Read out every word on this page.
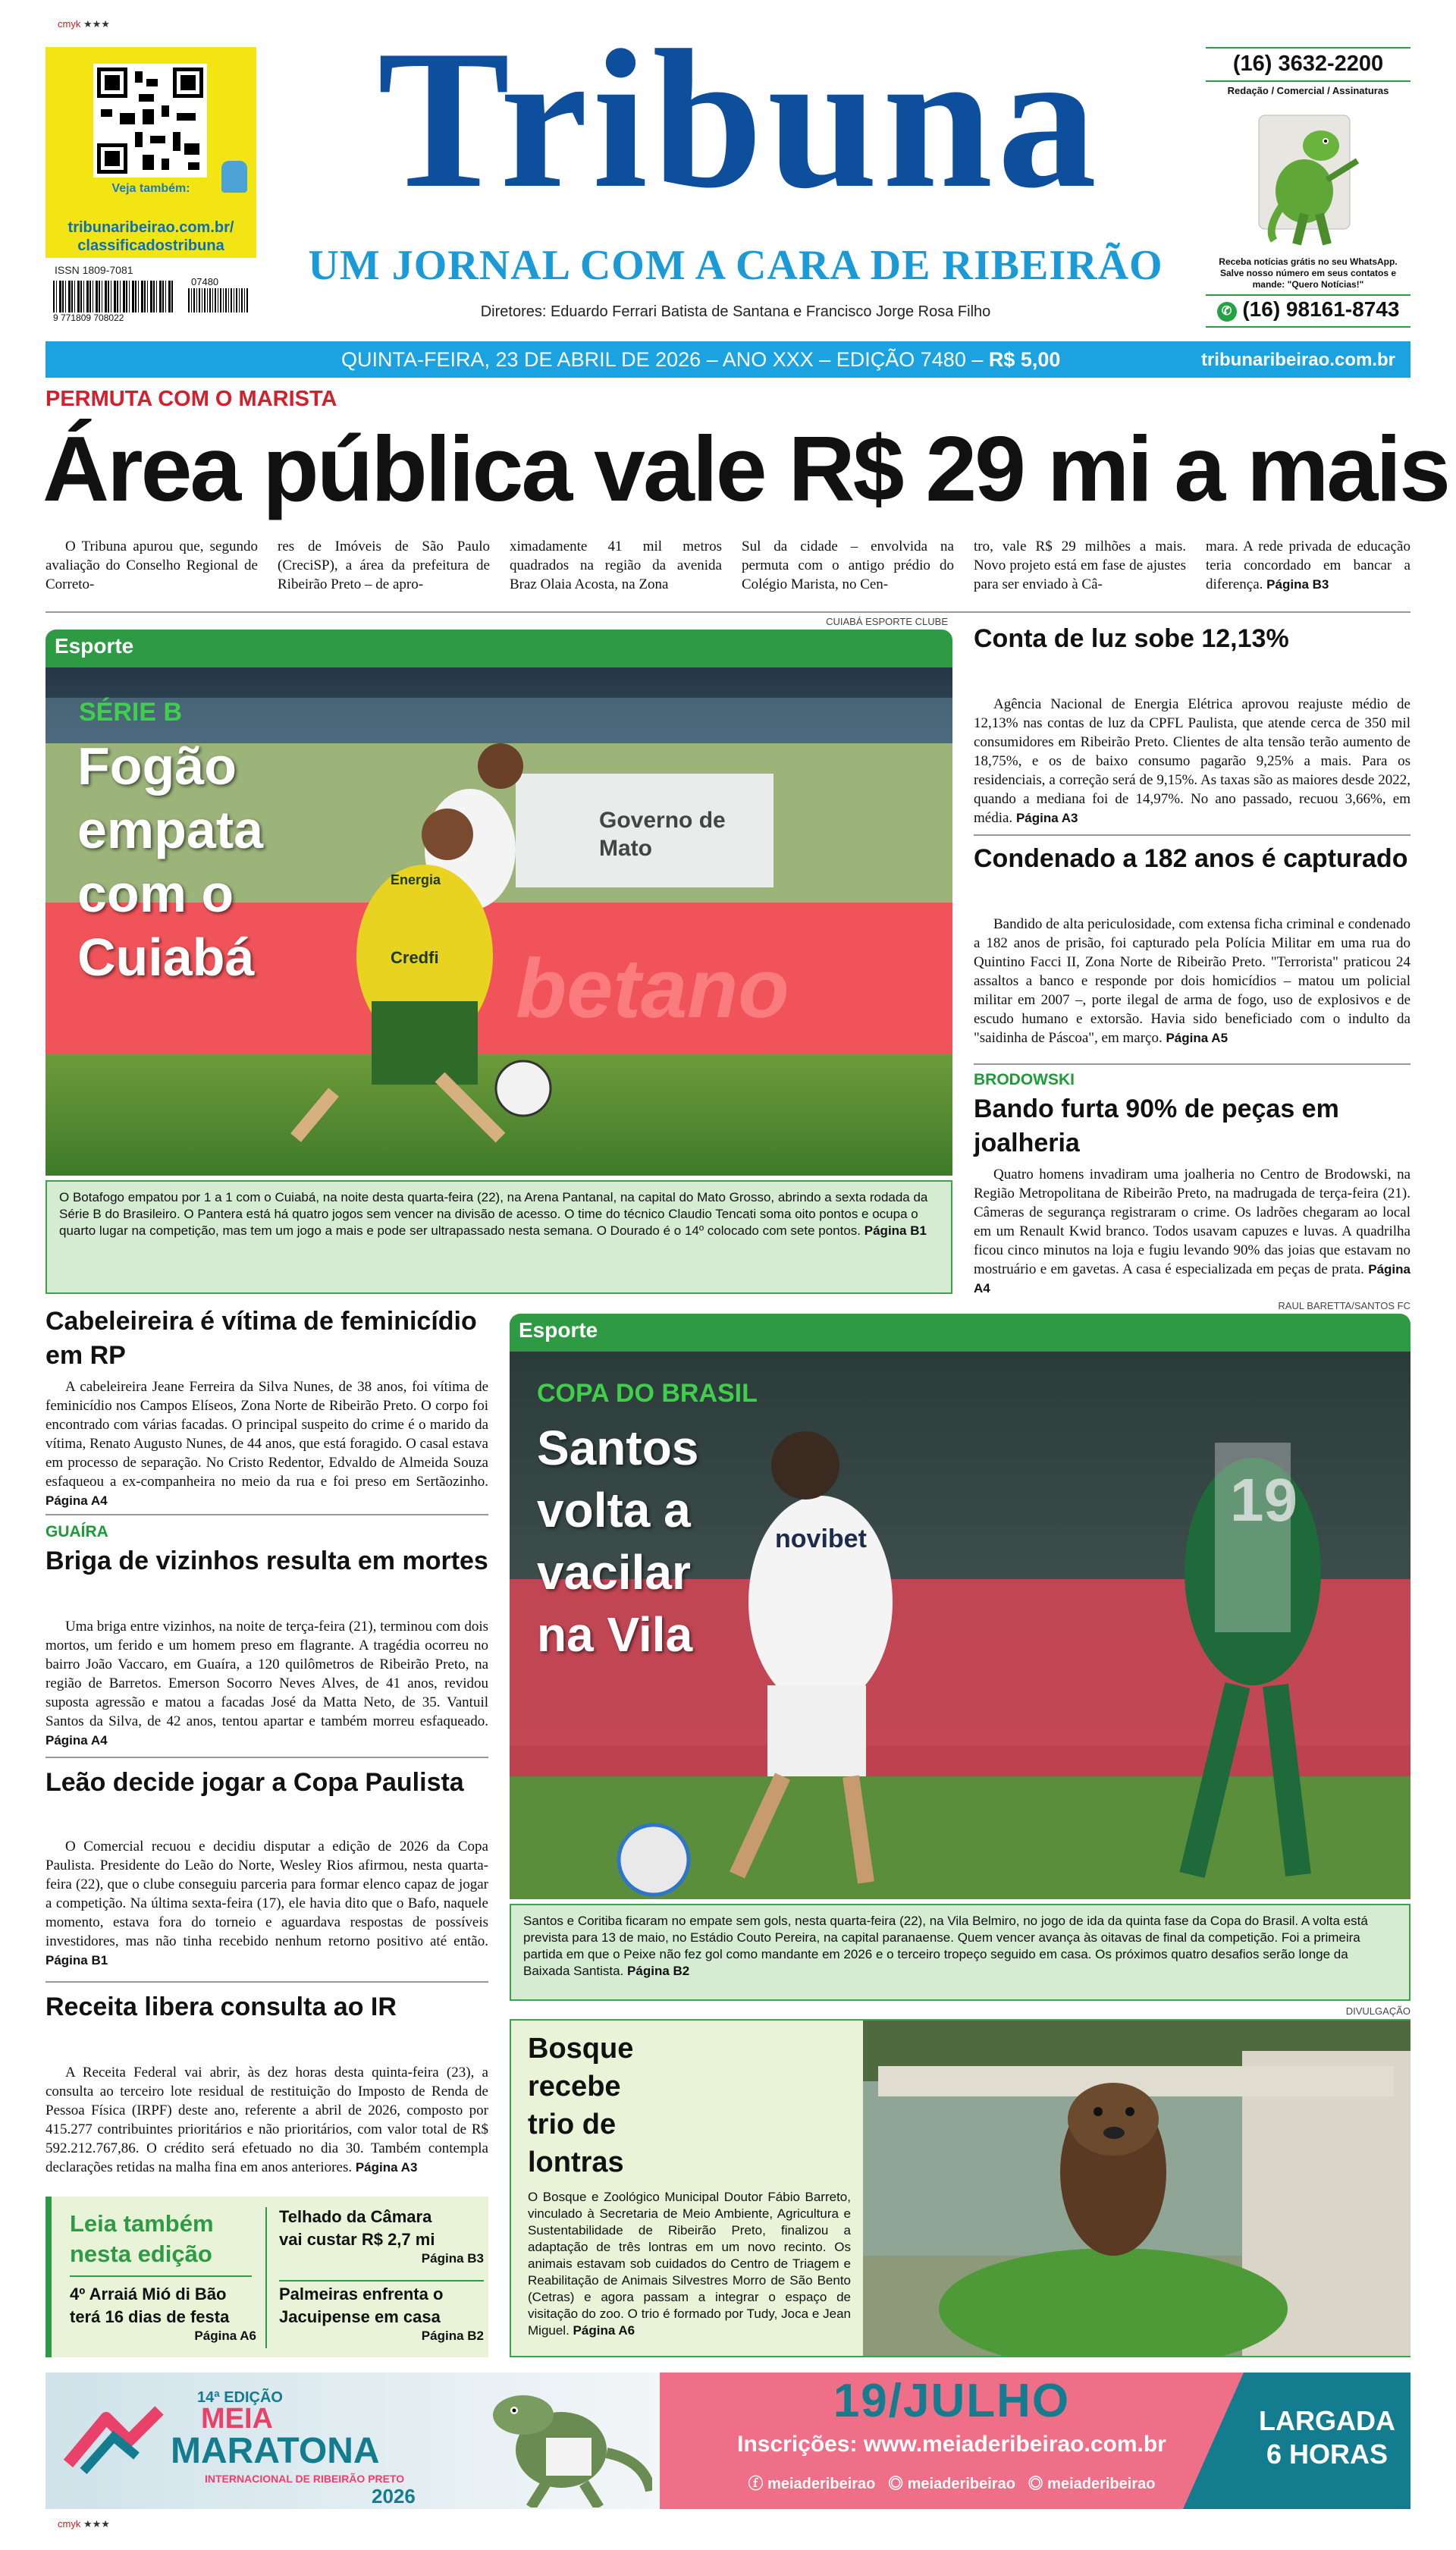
cmyk ★★★
cmyk ★★★
Veja também:
tribunaribeirao.com.br/
classificadostribuna
ISSN 1809-7081
9 771809 708022
07480
Tribuna
UM JORNAL COM A CARA DE RIBEIRÃO
Diretores: Eduardo Ferrari Batista de Santana e Francisco Jorge Rosa Filho
(16) 3632-2200
Redação / Comercial / Assinaturas
Receba notícias grátis no seu WhatsApp. Salve nosso número em seus contatos e mande: "Quero Notícias!"
✆ (16) 98161-8743
QUINTA-FEIRA, 23 DE ABRIL DE 2026 – ANO XXX – EDIÇÃO 7480 – R$ 5,00	tribunaribeirao.com.br
PERMUTA COM O MARISTA
Área pública vale R$ 29 mi a mais

O Tribuna apurou que, segundo avaliação do Conselho Regional de Correto-

res de Imóveis de São Paulo (CreciSP), a área da prefeitura de Ribeirão Preto – de apro-

ximadamente 41 mil metros quadrados na região da avenida Braz Olaia Acosta, na Zona

Sul da cidade – envolvida na permuta com o antigo prédio do Colégio Marista, no Cen-

tro, vale R$ 29 milhões a mais. Novo projeto está em fase de ajustes para ser enviado à Câ-

mara. A rede privada de educação teria concordado em bancar a diferença. Página B3

CUIABÁ ESPORTE CLUBE
Esporte
Governo de
Mato
betano
Energia
Credfi
SÉRIE B
Fogão
empata
com o
Cuiabá
O Botafogo empatou por 1 a 1 com o Cuiabá, na noite desta quarta-feira (22), na Arena Pantanal, na capital do Mato Grosso, abrindo a sexta rodada da Série B do Brasileiro. O Pantera está há quatro jogos sem vencer na divisão de acesso. O time do técnico Claudio Tencati soma oito pontos e ocupa o quarto lugar na competição, mas tem um jogo a mais e pode ser ultrapassado nesta semana. O Dourado é o 14º colocado com sete pontos. Página B1
Conta de luz sobe 12,13%

Agência Nacional de Energia Elétrica aprovou reajuste médio de 12,13% nas contas de luz da CPFL Paulista, que atende cerca de 350 mil consumidores em Ribeirão Preto. Clientes de alta tensão terão aumento de 18,75%, e os de baixo consumo pagarão 9,25% a mais. Para os residenciais, a correção será de 9,15%. As taxas são as maiores desde 2022, quando a mediana foi de 14,97%. No ano passado, recuou 3,66%, em média. Página A3

Condenado a 182 anos é capturado

Bandido de alta periculosidade, com extensa ficha criminal e condenado a 182 anos de prisão, foi capturado pela Polícia Militar em uma rua do Quintino Facci II, Zona Norte de Ribeirão Preto. "Terrorista" praticou 24 assaltos a banco e responde por dois homicídios – matou um policial militar em 2007 –, porte ilegal de arma de fogo, uso de explosivos e de escudo humano e extorsão. Havia sido beneficiado com o indulto da "saidinha de Páscoa", em março. Página A5

BRODOWSKI
Bando furta 90% de peças em joalheria

Quatro homens invadiram uma joalheria no Centro de Brodowski, na Região Metropolitana de Ribeirão Preto, na madrugada de terça-feira (21). Câmeras de segurança registraram o crime. Os ladrões chegaram ao local em um Renault Kwid branco. Todos usavam capuzes e luvas. A quadrilha ficou cinco minutos na loja e fugiu levando 90% das joias que estavam no mostruário e em gavetas. A casa é especializada em peças de prata. Página A4

Cabeleireira é vítima de feminicídio em RP

A cabeleireira Jeane Ferreira da Silva Nunes, de 38 anos, foi vítima de feminicídio nos Campos Elíseos, Zona Norte de Ribeirão Preto. O corpo foi encontrado com várias facadas. O principal suspeito do crime é o marido da vítima, Renato Augusto Nunes, de 44 anos, que está foragido. O casal estava em processo de separação. No Cristo Redentor, Edvaldo de Almeida Souza esfaqueou a ex-companheira no meio da rua e foi preso em Sertãozinho. Página A4

GUAÍRA
Briga de vizinhos resulta em mortes

Uma briga entre vizinhos, na noite de terça-feira (21), terminou com dois mortos, um ferido e um homem preso em flagrante. A tragédia ocorreu no bairro João Vaccaro, em Guaíra, a 120 quilômetros de Ribeirão Preto, na região de Barretos. Emerson Socorro Neves Alves, de 41 anos, revidou suposta agressão e matou a facadas José da Matta Neto, de 35. Vantuil Santos da Silva, de 42 anos, tentou apartar e também morreu esfaqueado. Página A4

Leão decide jogar a Copa Paulista

O Comercial recuou e decidiu disputar a edição de 2026 da Copa Paulista. Presidente do Leão do Norte, Wesley Rios afirmou, nesta quarta-feira (22), que o clube conseguiu parceria para formar elenco capaz de jogar a competição. Na última sexta-feira (17), ele havia dito que o Bafo, naquele momento, estava fora do torneio e aguardava respostas de possíveis investidores, mas não tinha recebido nenhum retorno positivo até então. Página B1

Receita libera consulta ao IR

A Receita Federal vai abrir, às dez horas desta quinta-feira (23), a consulta ao terceiro lote residual de restituição do Imposto de Renda de Pessoa Física (IRPF) deste ano, referente a abril de 2026, composto por 415.277 contribuintes prioritários e não prioritários, com valor total de R$ 592.212.767,86. O crédito será efetuado no dia 30. Também contempla declarações retidas na malha fina em anos anteriores. Página A3

Leia também
nesta edição
Telhado da Câmara
vai custar R$ 2,7 mi
Página B3
4º Arraiá Mió di Bão
terá 16 dias de festa
Página A6
Palmeiras enfrenta o
Jacuipense em casa
Página B2
RAUL BARETTA/SANTOS FC
Esporte
novibet
19
COPA DO BRASIL
Santos
volta a
vacilar
na Vila
Santos e Coritiba ficaram no empate sem gols, nesta quarta-feira (22), na Vila Belmiro, no jogo de ida da quinta fase da Copa do Brasil. A volta está prevista para 13 de maio, no Estádio Couto Pereira, na capital paranaense. Quem vencer avança às oitavas de final da competição. Foi a primeira partida em que o Peixe não fez gol como mandante em 2026 e o terceiro tropeço seguido em casa. Os próximos quatro desafios serão longe da Baixada Santista. Página B2
DIVULGAÇÃO
Bosque
recebe
trio de
lontras
O Bosque e Zoológico Municipal Doutor Fábio Barreto, vinculado à Secretaria de Meio Ambiente, Agricultura e Sustentabilidade de Ribeirão Preto, finalizou a adaptação de três lontras em um novo recinto. Os animais estavam sob cuidados do Centro de Triagem e Reabilitação de Animais Silvestres Morro de São Bento (Cetras) e agora passam a integrar o espaço de visitação do zoo. O trio é formado por Tudy, Joca e Jean Miguel. Página A6
14ª EDIÇÃO
MEIA
MARATONA
INTERNACIONAL DE RIBEIRÃO PRETO
2026
19/JULHO
Inscrições: www.meiaderibeirao.com.br
ⓕ meiaderibeirao ◎ meiaderibeirao ◎ meiaderibeirao
LARGADA
6 HORAS
